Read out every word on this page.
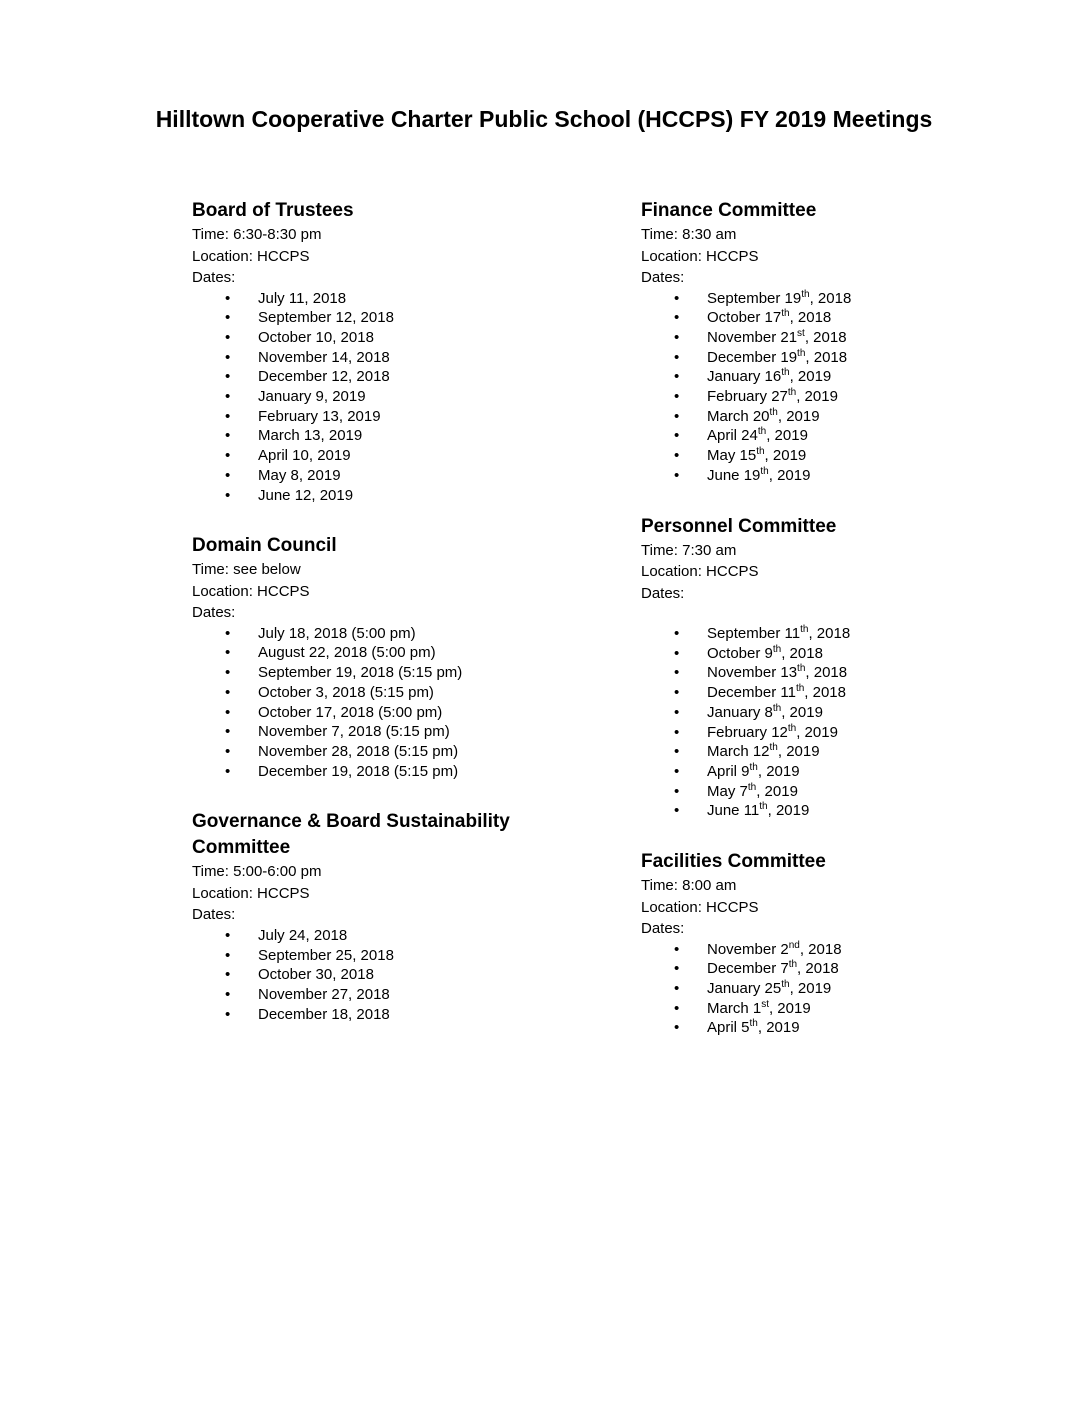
Hilltown Cooperative Charter Public School (HCCPS) FY 2019 Meetings
Board of Trustees
Time: 6:30-8:30 pm
Location: HCCPS
Dates:
• July 11, 2018
• September 12, 2018
• October 10, 2018
• November 14, 2018
• December 12, 2018
• January 9, 2019
• February 13, 2019
• March 13, 2019
• April 10, 2019
• May 8, 2019
• June 12, 2019
Domain Council
Time: see below
Location: HCCPS
Dates:
• July 18, 2018 (5:00 pm)
• August 22, 2018 (5:00 pm)
• September 19, 2018 (5:15 pm)
• October 3, 2018 (5:15 pm)
• October 17, 2018 (5:00 pm)
• November 7, 2018 (5:15 pm)
• November 28, 2018 (5:15 pm)
• December 19, 2018 (5:15 pm)
Governance & Board Sustainability
Committee
Time: 5:00-6:00 pm
Location: HCCPS
Dates:
• July 24, 2018
• September 25, 2018
• October 30, 2018
• November 27, 2018
• December 18, 2018
Finance Committee
Time: 8:30 am
Location: HCCPS
Dates:
• September 19th, 2018
• October 17th, 2018
• November 21st, 2018
• December 19th, 2018
• January 16th, 2019
• February 27th, 2019
• March 20th, 2019
• April 24th, 2019
• May 15th, 2019
• June 19th, 2019
Personnel Committee
Time: 7:30 am
Location: HCCPS
Dates:
• September 11th, 2018
• October 9th, 2018
• November 13th, 2018
• December 11th, 2018
• January 8th, 2019
• February 12th, 2019
• March 12th, 2019
• April 9th, 2019
• May 7th, 2019
• June 11th, 2019
Facilities Committee
Time: 8:00 am
Location: HCCPS
Dates:
• November 2nd, 2018
• December 7th, 2018
• January 25th, 2019
• March 1st, 2019
• April 5th, 2019
